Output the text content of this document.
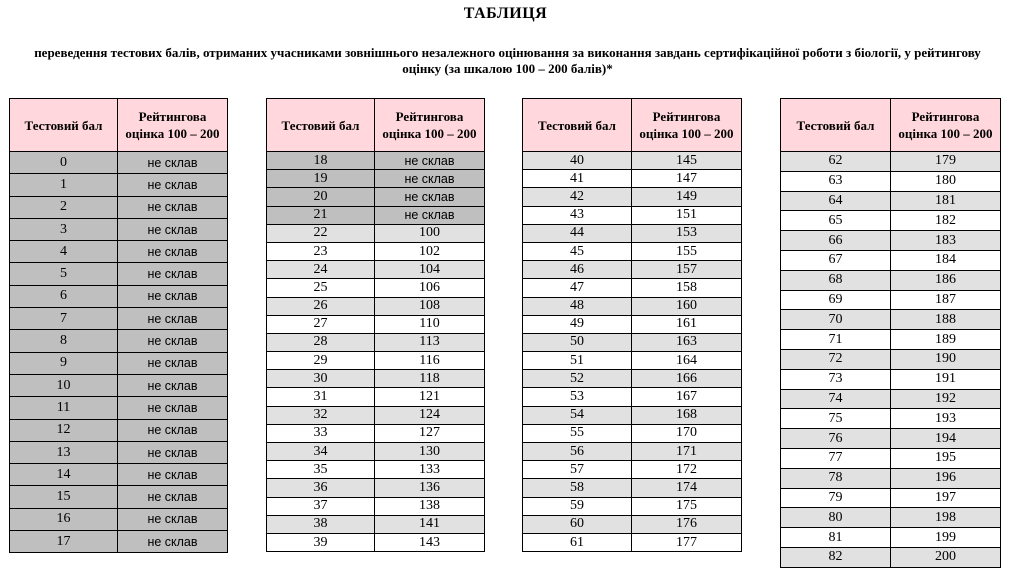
ТАБЛИЦЯ
переведення тестових балів, отриманих учасниками зовнішнього незалежного оцінювання за виконання завдань сертифікаційної роботи з біології, у рейтингову оцінку (за шкалою 100 – 200 балів)*
Тестовий бал	Рейтингова оцінка 100 – 200
0	не склав
1	не склав
2	не склав
3	не склав
4	не склав
5	не склав
6	не склав
7	не склав
8	не склав
9	не склав
10	не склав
11	не склав
12	не склав
13	не склав
14	не склав
15	не склав
16	не склав
17	не склав
Тестовий бал	Рейтингова оцінка 100 – 200
18	не склав
19	не склав
20	не склав
21	не склав
22	100
23	102
24	104
25	106
26	108
27	110
28	113
29	116
30	118
31	121
32	124
33	127
34	130
35	133
36	136
37	138
38	141
39	143
Тестовий бал	Рейтингова оцінка 100 – 200
40	145
41	147
42	149
43	151
44	153
45	155
46	157
47	158
48	160
49	161
50	163
51	164
52	166
53	167
54	168
55	170
56	171
57	172
58	174
59	175
60	176
61	177
Тестовий бал	Рейтингова оцінка 100 – 200
62	179
63	180
64	181
65	182
66	183
67	184
68	186
69	187
70	188
71	189
72	190
73	191
74	192
75	193
76	194
77	195
78	196
79	197
80	198
81	199
82	200
